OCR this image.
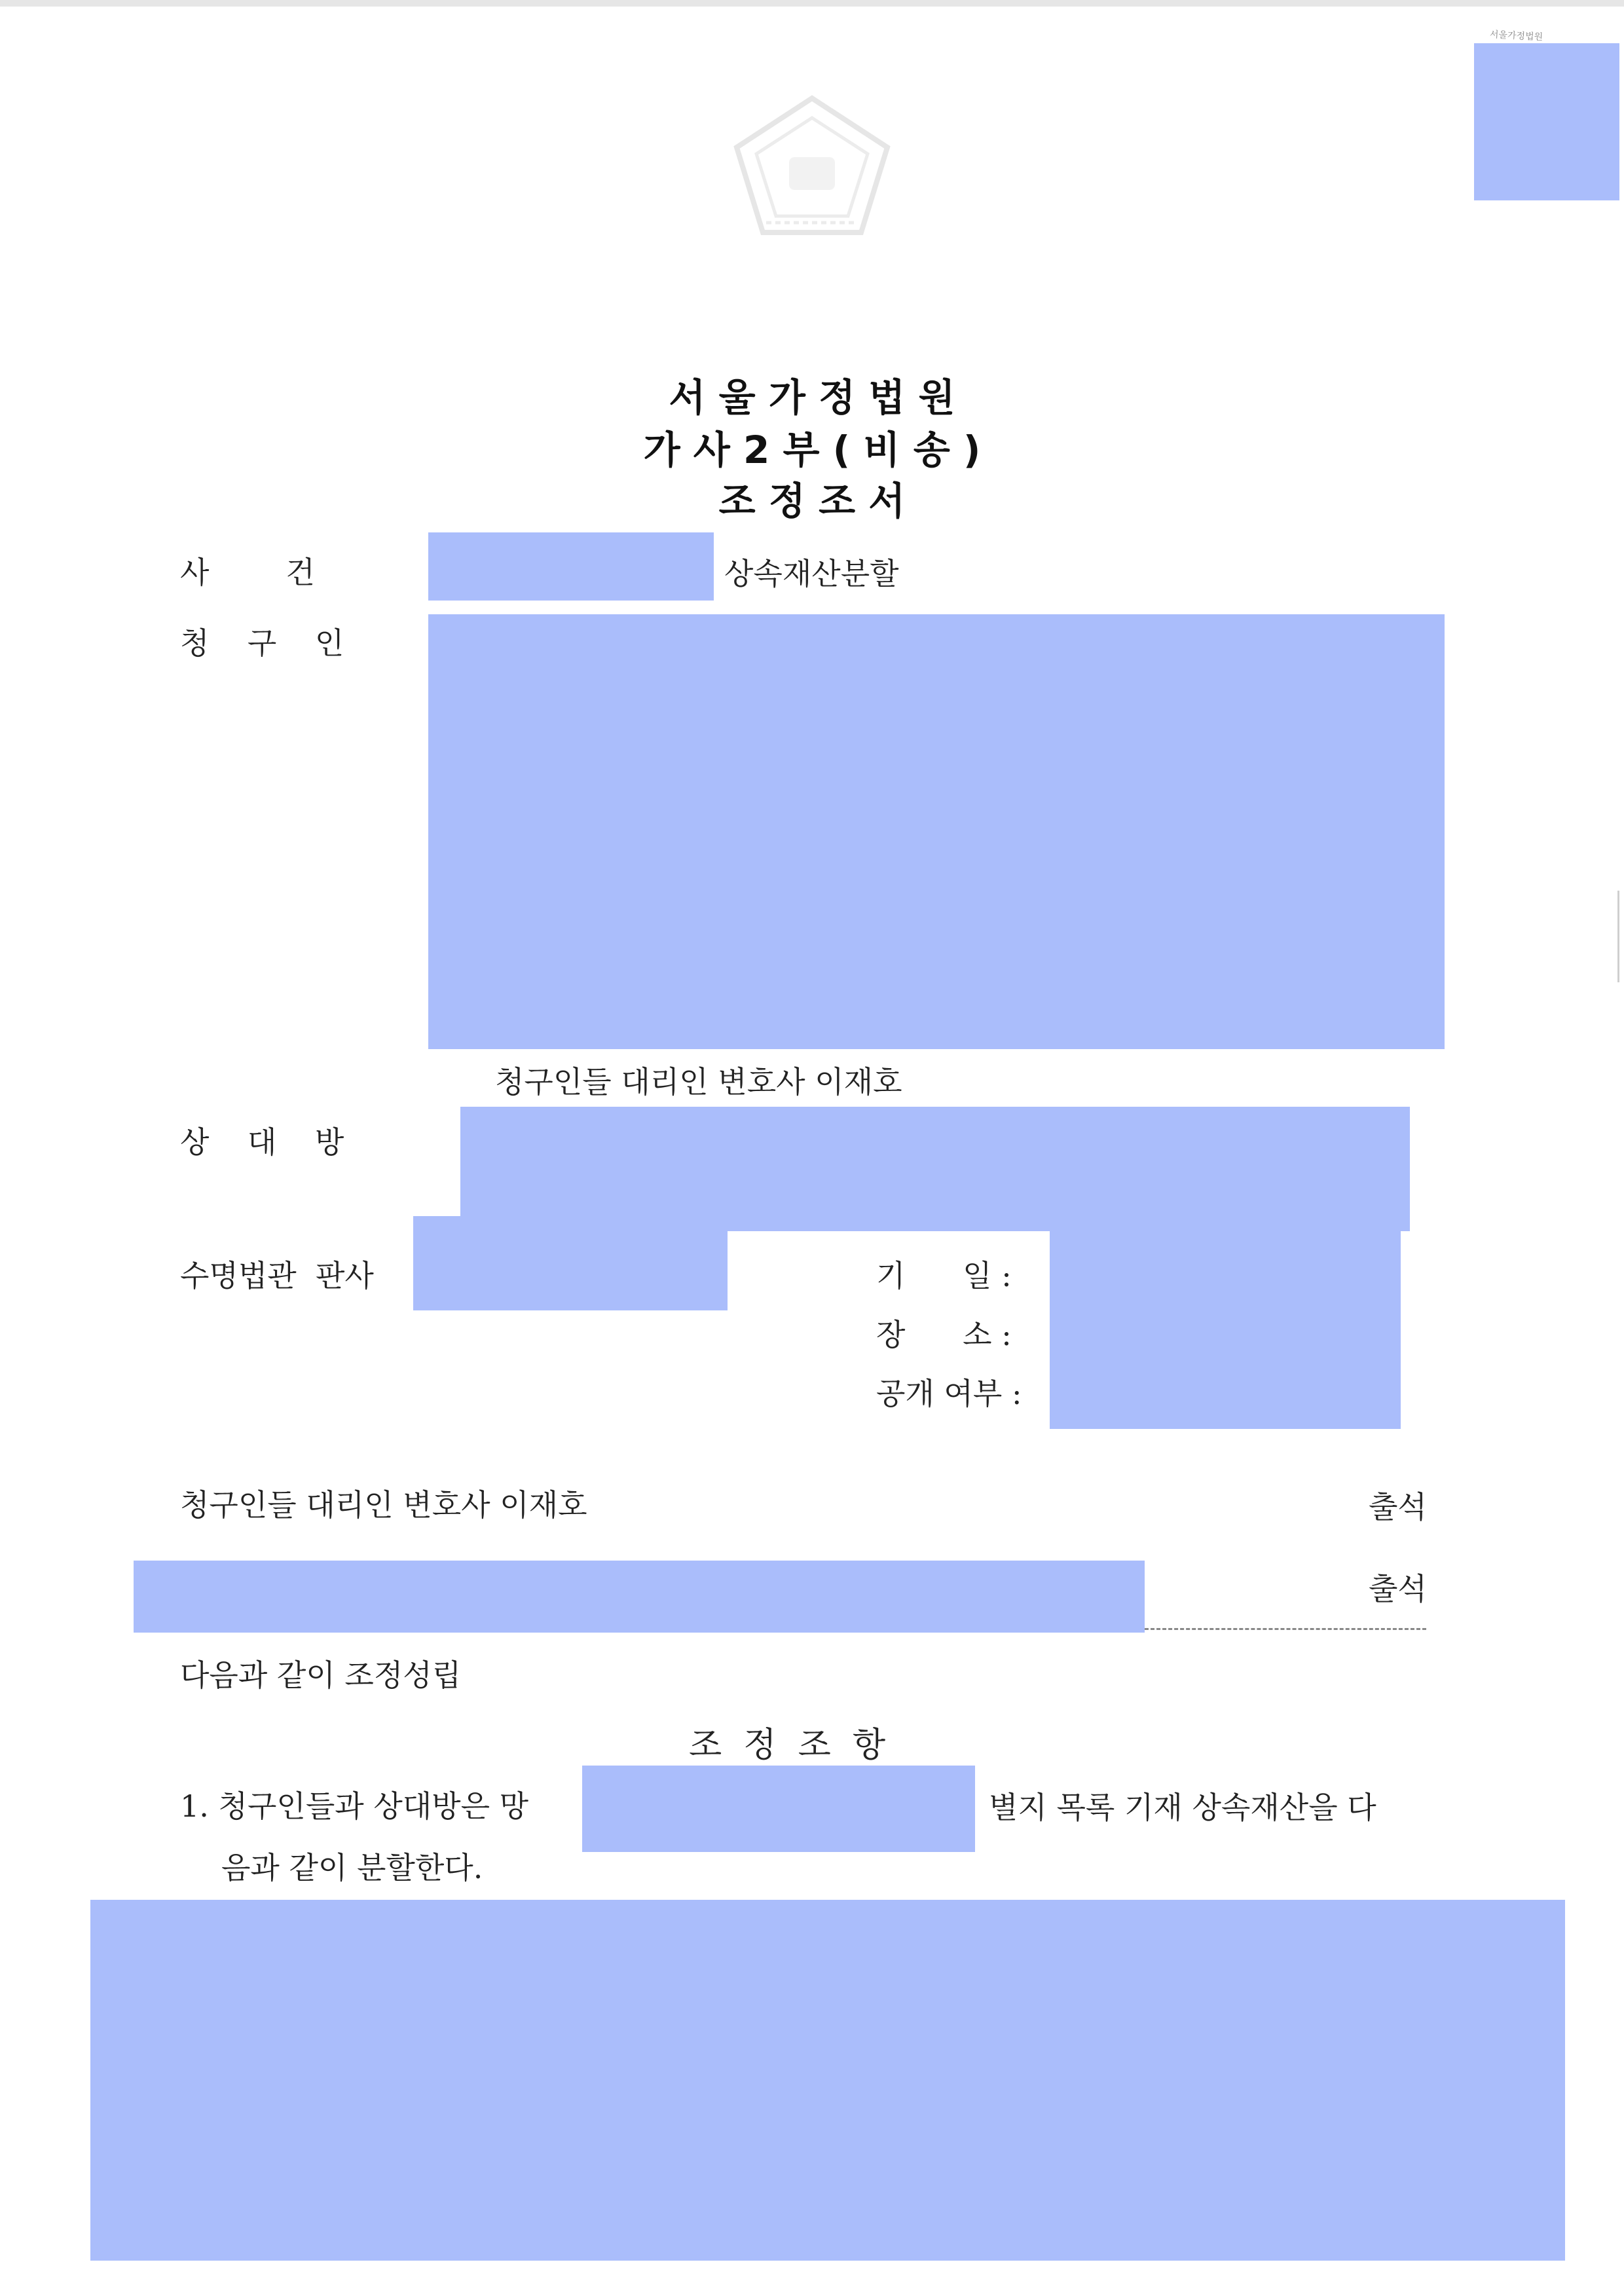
서울가정법원
서 울 가 정 법 원
가 사 2 부 ( 비 송 )
조 정 조 서
사        건	상속재산분할
청    구    인
청구인들 대리인 변호사 이재호
상    대    방
수명법관  판사	기      일 :
장      소 :
공개 여부 :
청구인들 대리인 변호사 이재호	출석
출석
다음과 같이 조정성립
조  정  조  항
1. 청구인들과 상대방은 망	별지 목록 기재 상속재산을 다
음과 같이 분할한다.
